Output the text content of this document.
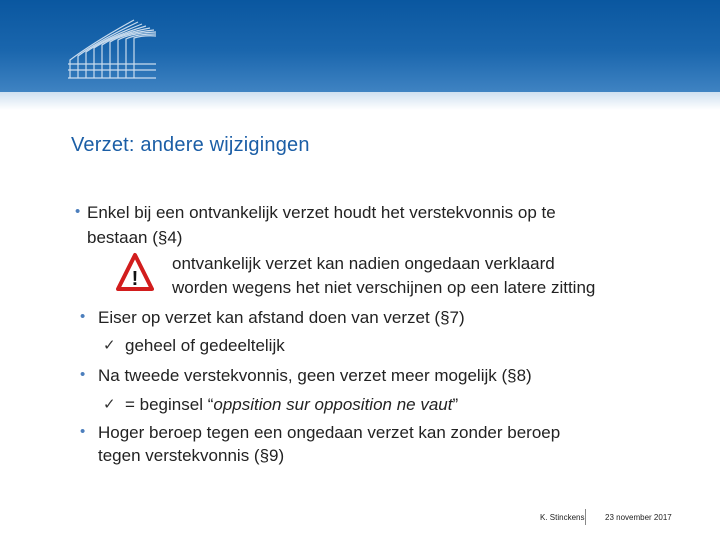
Verzet: andere wijzigingen
• Enkel bij een ontvankelijk verzet houdt het verstekvonnis op te
bestaan (§4)
!
ontvankelijk verzet kan nadien ongedaan verklaard
worden wegens het niet verschijnen op een latere zitting
• Eiser op verzet kan afstand doen van verzet (§7)
✓ geheel of gedeeltelijk
• Na tweede verstekvonnis, geen verzet meer mogelijk (§8)
✓ = beginsel “oppsition sur opposition ne vaut”
• Hoger beroep tegen een ongedaan verzet kan zonder beroep
tegen verstekvonnis (§9)
K. Stinckens	23 november 2017
